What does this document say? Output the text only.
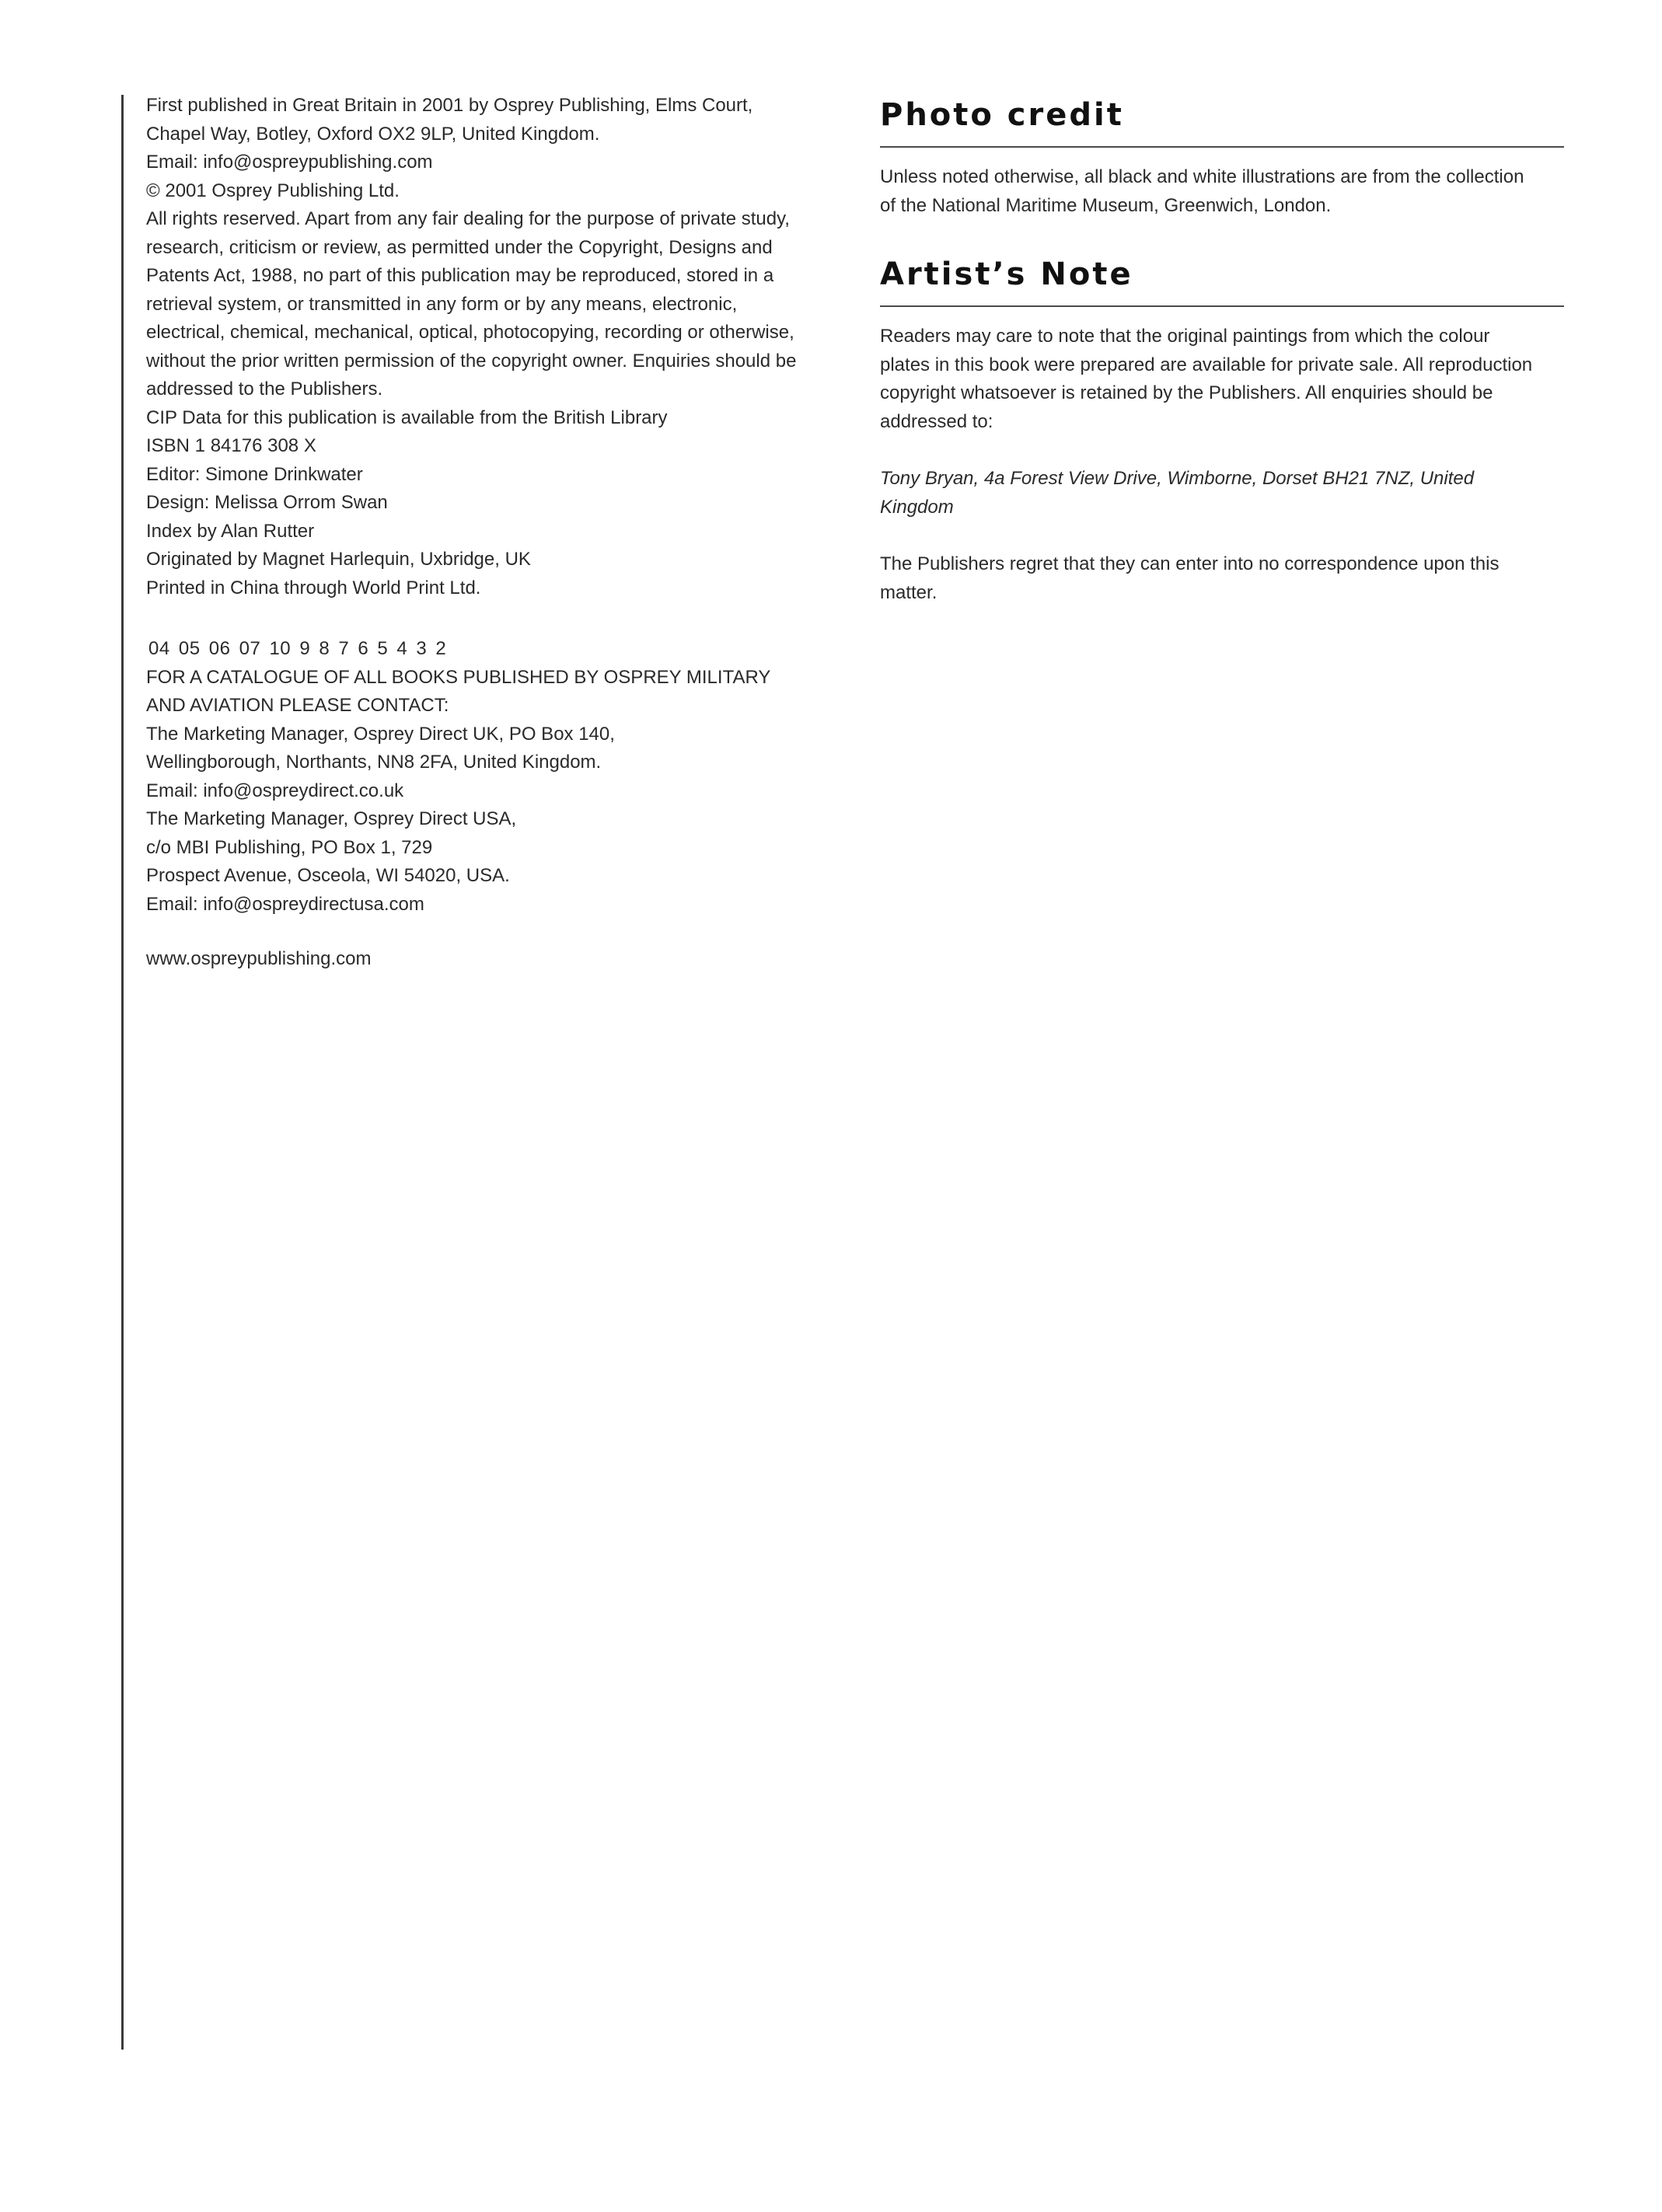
First published in Great Britain in 2001 by Osprey Publishing, Elms Court,
Chapel Way, Botley, Oxford OX2 9LP, United Kingdom.
Email: info@ospreypublishing.com

© 2001 Osprey Publishing Ltd.

All rights reserved. Apart from any fair dealing for the purpose of private study,
research, criticism or review, as permitted under the Copyright, Designs and
Patents Act, 1988, no part of this publication may be reproduced, stored in a
retrieval system, or transmitted in any form or by any means, electronic,
electrical, chemical, mechanical, optical, photocopying, recording or otherwise,
without the prior written permission of the copyright owner. Enquiries should be
addressed to the Publishers.

CIP Data for this publication is available from the British Library

ISBN 1 84176 308 X

Editor: Simone Drinkwater
Design: Melissa Orrom Swan
Index by Alan Rutter
Originated by Magnet Harlequin, Uxbridge, UK
Printed in China through World Print Ltd.

04 05 06 07 10 9 8 7 6 5 4 3 2

FOR A CATALOGUE OF ALL BOOKS PUBLISHED BY OSPREY MILITARY
AND AVIATION PLEASE CONTACT:

The Marketing Manager, Osprey Direct UK, PO Box 140,
Wellingborough, Northants, NN8 2FA, United Kingdom.
Email: info@ospreydirect.co.uk

The Marketing Manager, Osprey Direct USA,
c/o MBI Publishing, PO Box 1, 729
Prospect Avenue, Osceola, WI 54020, USA.
Email: info@ospreydirectusa.com

www.ospreypublishing.com

Photo credit

Unless noted otherwise, all black and white illustrations are from the collection
of the National Maritime Museum, Greenwich, London.

Artist’s Note

Readers may care to note that the original paintings from which the colour
plates in this book were prepared are available for private sale. All reproduction
copyright whatsoever is retained by the Publishers. All enquiries should be
addressed to:

Tony Bryan, 4a Forest View Drive, Wimborne, Dorset BH21 7NZ, United
Kingdom

The Publishers regret that they can enter into no correspondence upon this
matter.
